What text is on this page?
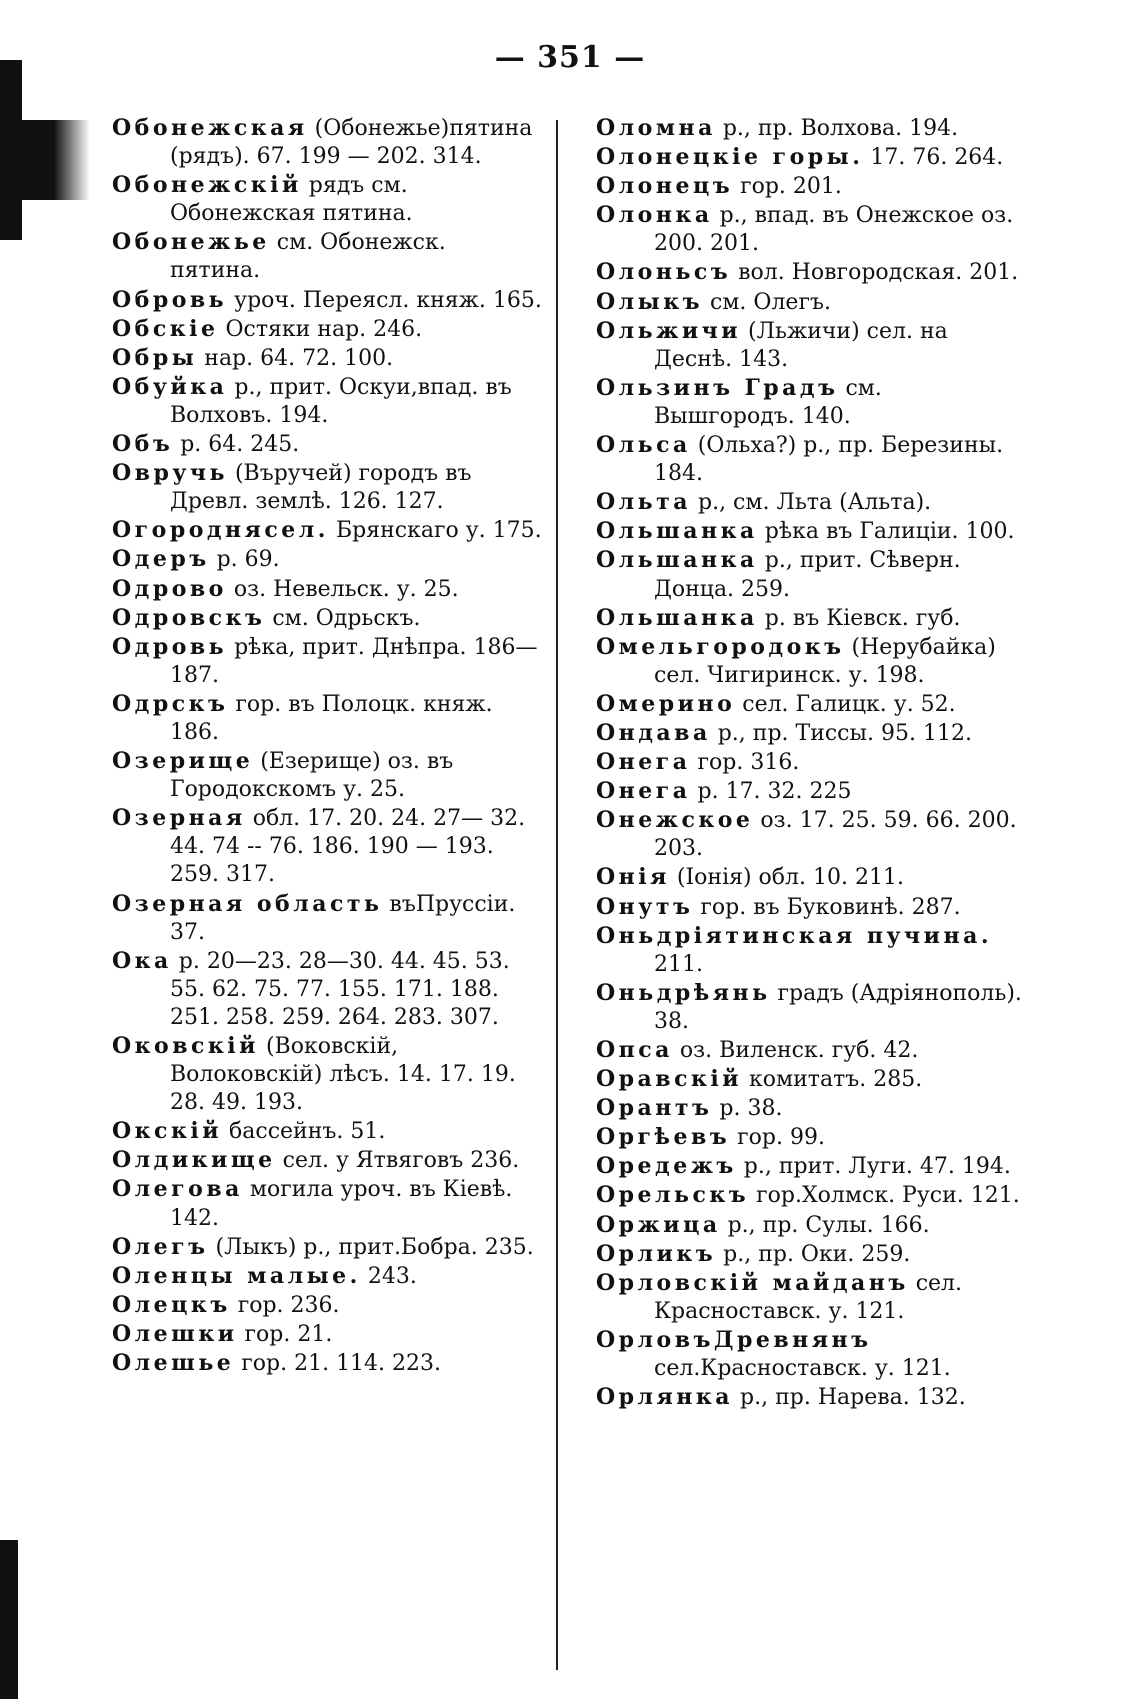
— 351 —

Обонежская (Обонежье)пятина (рядъ). 67. 199 — 202. 314.

Обонежскій рядъ см. Обонежская пятина.

Обонежье см. Обонежск. пятина.

Обровь уроч. Переясл. княж. 165.

Обскіе Остяки нар. 246.

Обры нар. 64. 72. 100.

Обуйка р., прит. Оскуи,впад. въ Волховъ. 194.

Объ р. 64. 245.

Овручь (Въручей) городъ въ Древл. землѣ. 126. 127.

Огороднясел. Брянскаго у. 175.

Одеръ р. 69.

Одрово оз. Невельск. у. 25.

Одровскъ см. Одрьскъ.

Одровь рѣка, прит. Днѣпра. 186—187.

Одрскъ гор. въ Полоцк. княж. 186.

Озерище (Езерище) оз. въ Городокскомъ у. 25.

Озерная обл. 17. 20. 24. 27— 32. 44. 74 -- 76. 186. 190 — 193. 259. 317.

Озерная область въПруссіи. 37.

Ока р. 20—23. 28—30. 44. 45. 53. 55. 62. 75. 77. 155. 171. 188. 251. 258. 259. 264. 283. 307.

Оковскій (Воковскій, Волоковскій) лѣсъ. 14. 17. 19. 28. 49. 193.

Окскій бассейнъ. 51.

Олдикище сел. у Ятвяговъ 236.

Олегова могила уроч. въ Кіевѣ. 142.

Олегъ (Лыкъ) р., прит.Бобра. 235.

Оленцы малые. 243.

Олецкъ гор. 236.

Олешки гор. 21.

Олешье гор. 21. 114. 223.

Оломна р., пр. Волхова. 194.

Олонецкіе горы. 17. 76. 264.

Олонецъ гор. 201.

Олонка р., впад. въ Онежское оз. 200. 201.

Олоньсъ вол. Новгородская. 201.

Олыкъ см. Олегъ.

Ольжичи (Льжичи) сел. на Деснѣ. 143.

Ользинъ Градъ см. Вышгородъ. 140.

Ольса (Ольха?) р., пр. Березины. 184.

Ольта р., см. Льта (Альта).

Ольшанка рѣка въ Галиціи. 100.

Ольшанка р., прит. Сѣверн. Донца. 259.

Ольшанка р. въ Кіевск. губ.

Омельгородокъ (Нерубайка) сел. Чигиринск. у. 198.

Омерино сел. Галицк. у. 52.

Ондава р., пр. Тиссы. 95. 112.

Онега гор. 316.

Онега р. 17. 32. 225

Онежское оз. 17. 25. 59. 66. 200. 203.

Онія (Іонія) обл. 10. 211.

Онутъ гор. въ Буковинѣ. 287.

Оньдріятинская пучина. 211.

Оньдрѣянь градъ (Адріянополь). 38.

Опса оз. Виленск. губ. 42.

Оравскій комитатъ. 285.

Орантъ р. 38.

Оргѣевъ гор. 99.

Оредежъ р., прит. Луги. 47. 194.

Орельскъ гор.Холмск. Руси. 121.

Оржица р., пр. Сулы. 166.

Орликъ р., пр. Оки. 259.

Орловскій майданъ сел. Красноставск. у. 121.

ОрловъДревнянъ сел.Красноставск. у. 121.

Орлянка р., пр. Нарева. 132.
